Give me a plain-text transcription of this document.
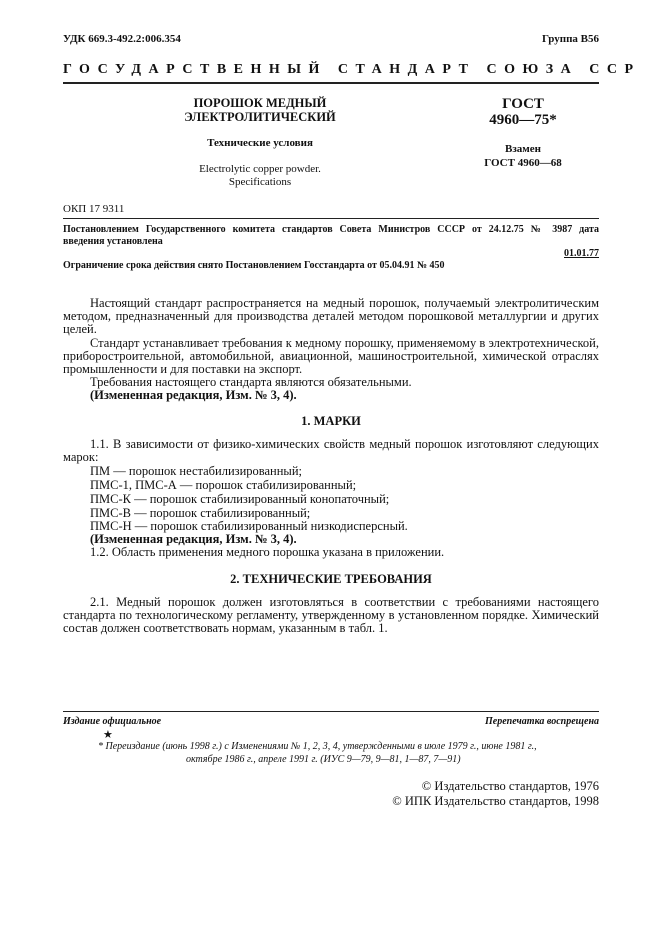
УДК 669.3-492.2:006.354	Группа В56
ГОСУДАРСТВЕННЫЙ СТАНДАРТ СОЮЗА ССР
ПОРОШОК МЕДНЫЙ
ЭЛЕКТРОЛИТИЧЕСКИЙ
Технические условия
Electrolytic copper powder.
Specifications
ГОСТ
4960—75*
Взамен
ГОСТ 4960—68
ОКП 17 9311
Постановлением Государственного комитета стандартов Совета Министров СССР от 24.12.75 № 3987 дата
введения установлена
01.01.77
Ограничение срока действия снято Постановлением Госстандарта от 05.04.91 № 450
Настоящий стандарт распространяется на медный порошок, получаемый электролитическим
методом, предназначенный для производства деталей методом порошковой металлургии и других
целей.
Стандарт устанавливает требования к медному порошку, применяемому в электротехнической,
приборостроительной, автомобильной, авиационной, машиностроительной, химической отраслях
промышленности и для поставки на экспорт.
Требования настоящего стандарта являются обязательными.
(Измененная редакция, Изм. № 3, 4).
1. МАРКИ
1.1. В зависимости от физико-химических свойств медный порошок изготовляют следующих
марок:
ПМ — порошок нестабилизированный;
ПМС-1, ПМС-А — порошок стабилизированный;
ПМС-К — порошок стабилизированный конопаточный;
ПМС-В — порошок стабилизированный;
ПМС-Н — порошок стабилизированный низкодисперсный.
(Измененная редакция, Изм. № 3, 4).
1.2. Область применения медного порошка указана в приложении.
2. ТЕХНИЧЕСКИЕ ТРЕБОВАНИЯ
2.1. Медный порошок должен изготовляться в соответствии с требованиями настоящего
стандарта по технологическому регламенту, утвержденному в установленном порядке. Химический
состав должен соответствовать нормам, указанным в табл. 1.
Издание официальное	Перепечатка воспрещена
★
* Переиздание (июнь 1998 г.) с Изменениями № 1, 2, 3, 4, утвержденными в июле 1979 г., июне 1981 г.,
октябре 1986 г., апреле 1991 г. (ИУС 9—79, 9—81, 1—87, 7—91)
© Издательство стандартов, 1976
© ИПК Издательство стандартов, 1998
